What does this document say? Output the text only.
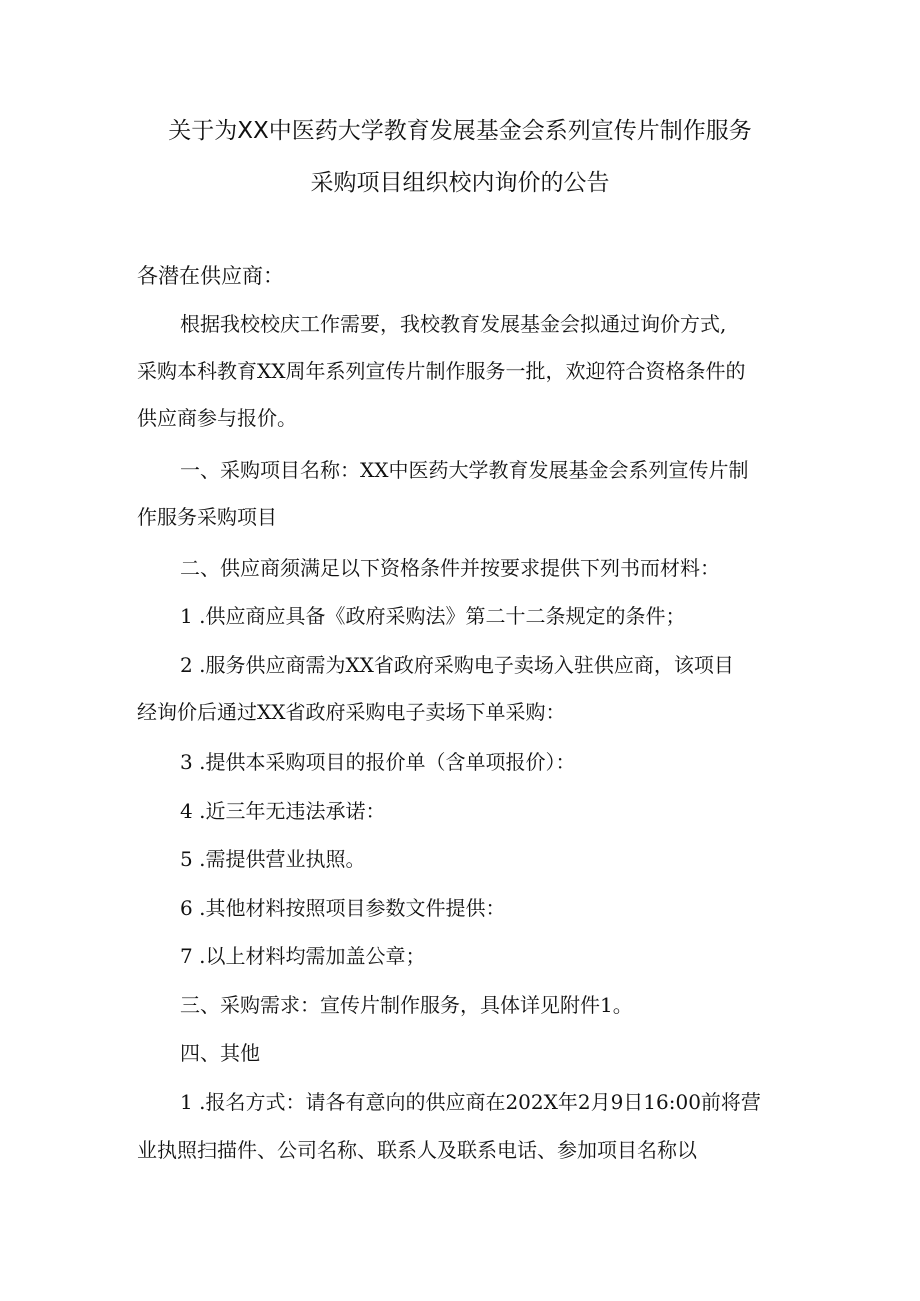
关于为XX中医药大学教育发展基金会系列宣传片制作服务
采购项目组织校内询价的公告
各潜在供应商：
根据我校校庆工作需要，我校教育发展基金会拟通过询价方式,
采购本科教育XX周年系列宣传片制作服务一批，欢迎符合资格条件的
供应商参与报价。
一、采购项目名称：XX中医药大学教育发展基金会系列宣传片制
作服务采购项目
二、供应商须满足以下资格条件并按要求提供下列书而材料：
1 .供应商应具备《政府采购法》第二十二条规定的条件；
2 .服务供应商需为XX省政府采购电子卖场入驻供应商，该项目
经询价后通过XX省政府采购电子卖场下单采购：
3 .提供本采购项目的报价单（含单项报价）：
4 .近三年无违法承诺：
5 .需提供营业执照。
6 .其他材料按照项目参数文件提供：
7 .以上材料均需加盖公章；
三、采购需求：宣传片制作服务，具体详见附件1。
四、其他
1 .报名方式：请各有意向的供应商在202X年2月9日16:00前将营
业执照扫描件、公司名称、联系人及联系电话、参加项目名称以
